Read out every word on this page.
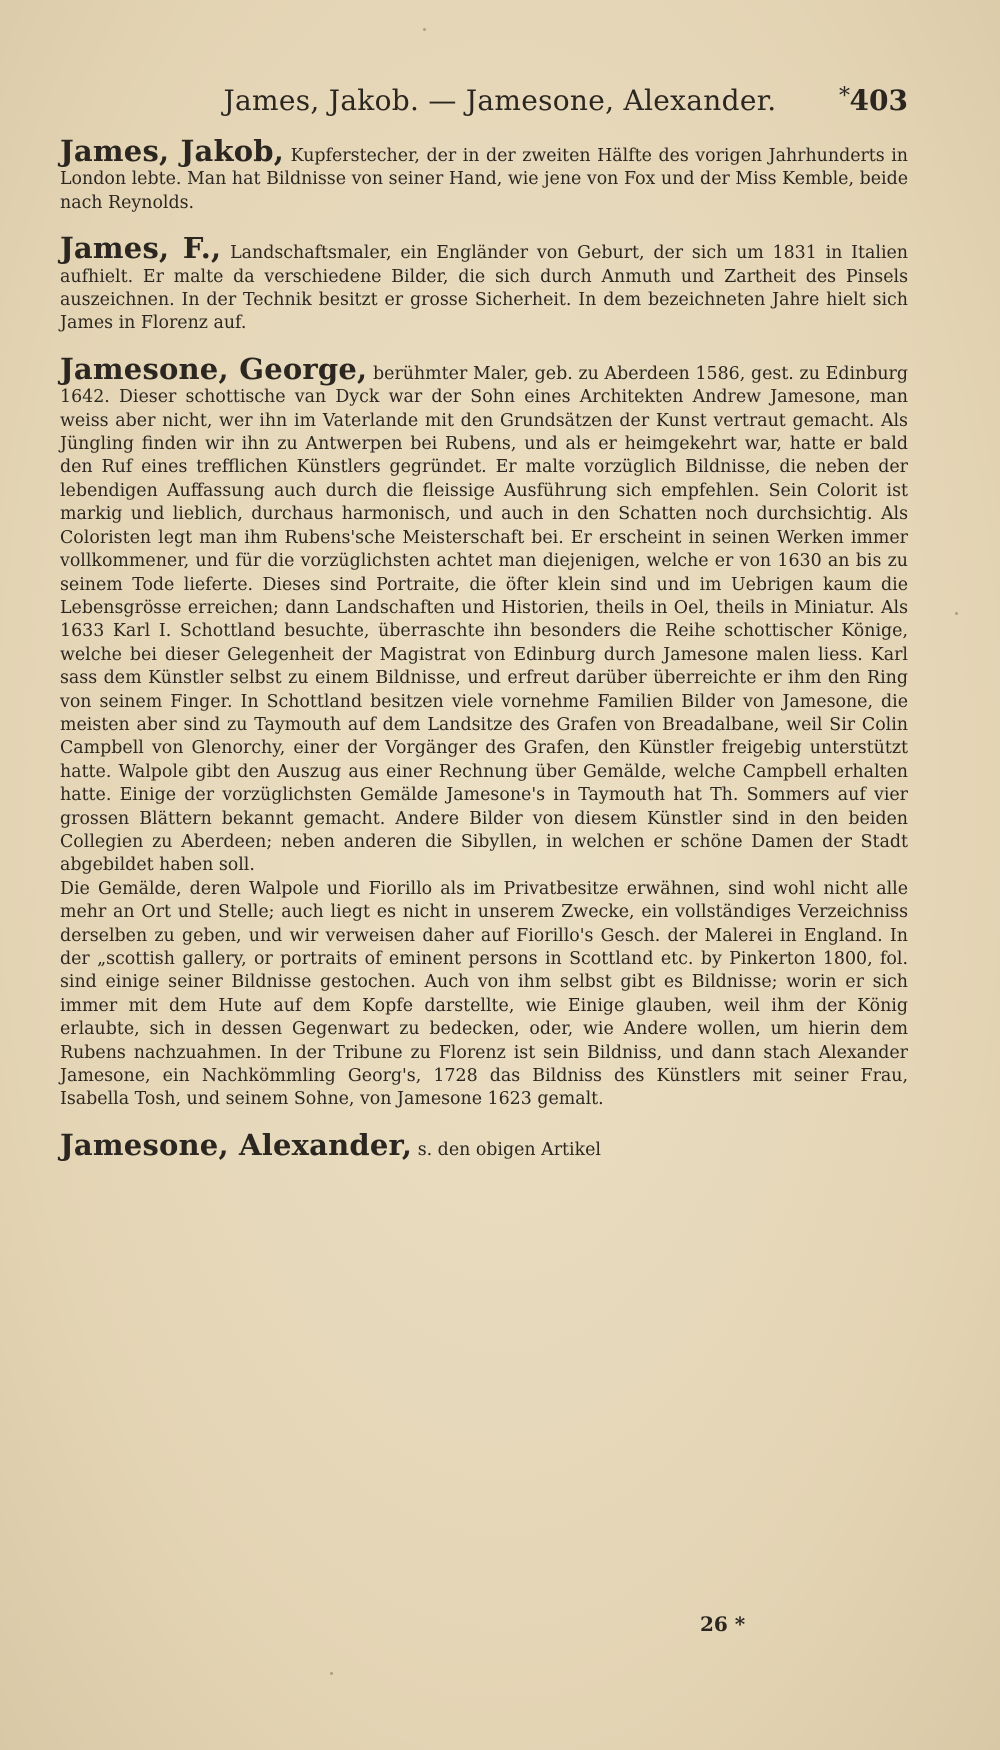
James, Jakob. — Jamesone, Alexander.	* 403

James, Jakob, Kupferstecher, der in der zweiten Hälfte des vorigen Jahrhunderts in London lebte. Man hat Bildnisse von seiner Hand, wie jene von Fox und der Miss Kemble, beide nach Reynolds.

James, F., Landschaftsmaler, ein Engländer von Geburt, der sich um 1831 in Italien aufhielt. Er malte da verschiedene Bilder, die sich durch Anmuth und Zartheit des Pinsels auszeichnen. In der Technik besitzt er grosse Sicherheit. In dem bezeichneten Jahre hielt sich James in Florenz auf.

Jamesone, George, berühmter Maler, geb. zu Aberdeen 1586, gest. zu Edinburg 1642. Dieser schottische van Dyck war der Sohn eines Architekten Andrew Jamesone, man weiss aber nicht, wer ihn im Vaterlande mit den Grundsätzen der Kunst vertraut gemacht. Als Jüngling finden wir ihn zu Antwerpen bei Rubens, und als er heimgekehrt war, hatte er bald den Ruf eines trefflichen Künstlers gegründet. Er malte vorzüglich Bildnisse, die neben der lebendigen Auffassung auch durch die fleissige Ausführung sich empfehlen. Sein Colorit ist markig und lieblich, durchaus harmonisch, und auch in den Schatten noch durchsichtig. Als Coloristen legt man ihm Rubens'sche Meisterschaft bei. Er erscheint in seinen Werken immer vollkommener, und für die vorzüglichsten achtet man diejenigen, welche er von 1630 an bis zu seinem Tode lieferte. Dieses sind Portraite, die öfter klein sind und im Uebrigen kaum die Lebensgrösse erreichen; dann Landschaften und Historien, theils in Oel, theils in Miniatur. Als 1633 Karl I. Schottland besuchte, überraschte ihn besonders die Reihe schottischer Könige, welche bei dieser Gelegenheit der Magistrat von Edinburg durch Jamesone malen liess. Karl sass dem Künstler selbst zu einem Bildnisse, und erfreut darüber überreichte er ihm den Ring von seinem Finger. In Schottland besitzen viele vornehme Familien Bilder von Jamesone, die meisten aber sind zu Taymouth auf dem Landsitze des Grafen von Breadalbane, weil Sir Colin Campbell von Glenorchy, einer der Vorgänger des Grafen, den Künstler freigebig unterstützt hatte. Walpole gibt den Auszug aus einer Rechnung über Gemälde, welche Campbell erhalten hatte. Einige der vorzüglichsten Gemälde Jamesone's in Taymouth hat Th. Sommers auf vier grossen Blättern bekannt gemacht. Andere Bilder von diesem Künstler sind in den beiden Collegien zu Aberdeen; neben anderen die Sibyllen, in welchen er schöne Damen der Stadt abgebildet haben soll.

Die Gemälde, deren Walpole und Fiorillo als im Privatbesitze erwähnen, sind wohl nicht alle mehr an Ort und Stelle; auch liegt es nicht in unserem Zwecke, ein vollständiges Verzeichniss derselben zu geben, und wir verweisen daher auf Fiorillo's Gesch. der Malerei in England. In der „scottish gallery, or portraits of eminent persons in Scottland etc. by Pinkerton 1800, fol. sind einige seiner Bildnisse gestochen. Auch von ihm selbst gibt es Bildnisse; worin er sich immer mit dem Hute auf dem Kopfe darstellte, wie Einige glauben, weil ihm der König erlaubte, sich in dessen Gegenwart zu bedecken, oder, wie Andere wollen, um hierin dem Rubens nachzuahmen. In der Tribune zu Florenz ist sein Bildniss, und dann stach Alexander Jamesone, ein Nachkömmling Georg's, 1728 das Bildniss des Künstlers mit seiner Frau, Isabella Tosh, und seinem Sohne, von Jamesone 1623 gemalt.

Jamesone, Alexander, s. den obigen Artikel

26 *
